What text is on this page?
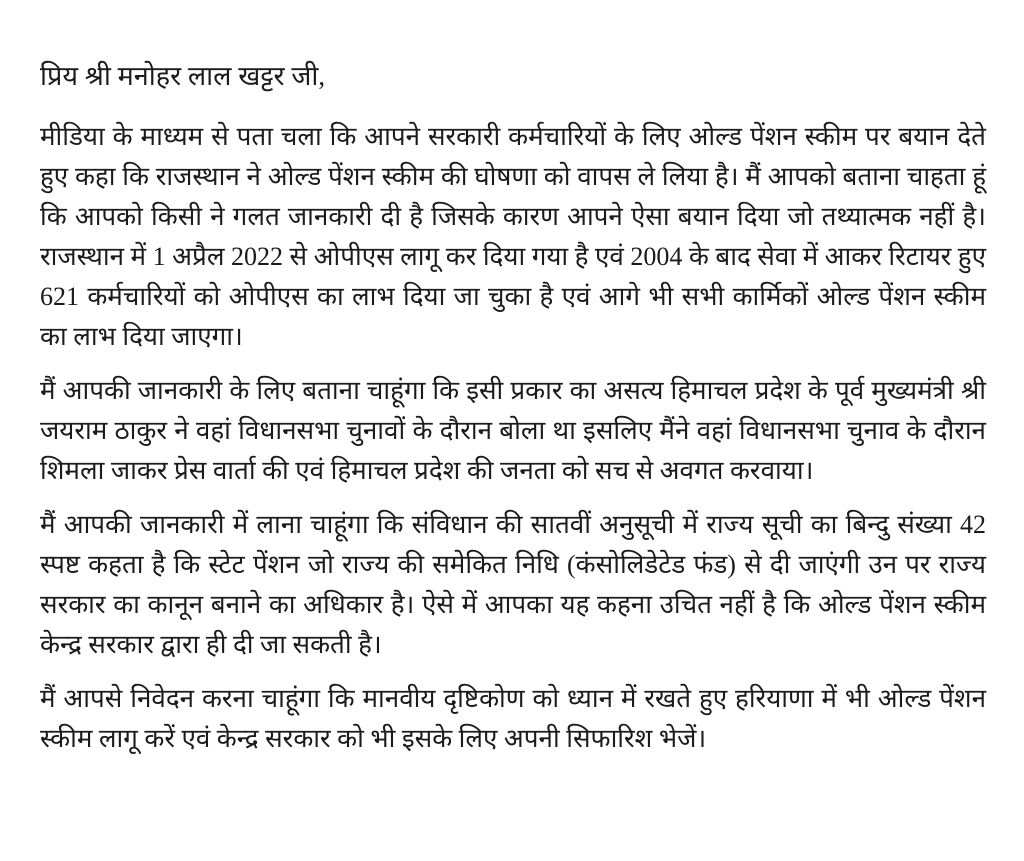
प्रिय श्री मनोहर लाल खट्टर जी,

मीडिया के माध्यम से पता चला कि आपने सरकारी कर्मचारियों के लिए ओल्ड पेंशन स्कीम पर बयान देते हुए कहा कि राजस्थान ने ओल्ड पेंशन स्कीम की घोषणा को वापस ले लिया है। मैं आपको बताना चाहता हूं कि आपको किसी ने गलत जानकारी दी है जिसके कारण आपने ऐसा बयान दिया जो तथ्यात्मक नहीं है। राजस्थान में 1 अप्रैल 2022 से ओपीएस लागू कर दिया गया है एवं 2004 के बाद सेवा में आकर रिटायर हुए 621 कर्मचारियों को ओपीएस का लाभ दिया जा चुका है एवं आगे भी सभी कार्मिकों ओल्ड पेंशन स्कीम का लाभ दिया जाएगा।

मैं आपकी जानकारी के लिए बताना चाहूंगा कि इसी प्रकार का असत्य हिमाचल प्रदेश के पूर्व मुख्यमंत्री श्री जयराम ठाकुर ने वहां विधानसभा चुनावों के दौरान बोला था इसलिए मैंने वहां विधानसभा चुनाव के दौरान शिमला जाकर प्रेस वार्ता की एवं हिमाचल प्रदेश की जनता को सच से अवगत करवाया।

मैं आपकी जानकारी में लाना चाहूंगा कि संविधान की सातवीं अनुसूची में राज्य सूची का बिन्दु संख्या 42 स्पष्ट कहता है कि स्टेट पेंशन जो राज्य की समेकित निधि (कंसोलिडेटेड फंड) से दी जाएंगी उन पर राज्य सरकार का कानून बनाने का अधिकार है। ऐसे में आपका यह कहना उचित नहीं है कि ओल्ड पेंशन स्कीम केन्द्र सरकार द्वारा ही दी जा सकती है।

मैं आपसे निवेदन करना चाहूंगा कि मानवीय दृष्टिकोण को ध्यान में रखते हुए हरियाणा में भी ओल्ड पेंशन स्कीम लागू करें एवं केन्द्र सरकार को भी इसके लिए अपनी सिफारिश भेजें।
